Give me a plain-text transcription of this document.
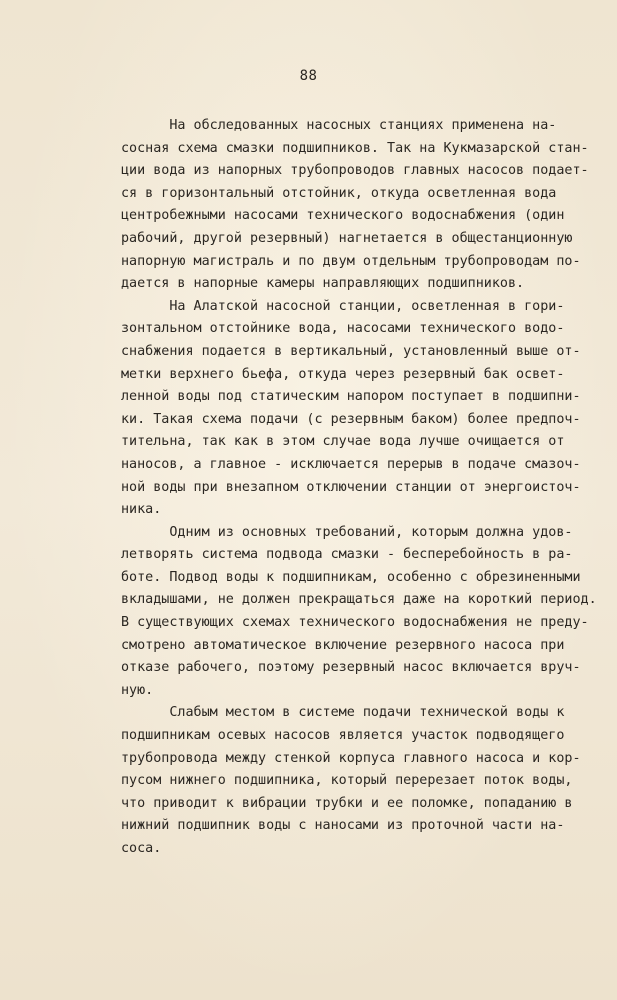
88
На обследованных насосных станциях применена на-
сосная схема смазки подшипников. Так на Кукмазарской стан-
ции вода из напорных трубопроводов главных насосов подает-
ся в горизонтальный отстойник, откуда осветленная вода
центробежными насосами технического водоснабжения (один
рабочий, другой резервный) нагнетается в общестанционную
напорную магистраль и по двум отдельным трубопроводам по-
дается в напорные камеры направляющих подшипников.
На Алатской насосной станции, осветленная в гори-
зонтальном отстойнике вода, насосами технического водо-
снабжения подается в вертикальный, установленный выше от-
метки верхнего бьефа, откуда через резервный бак освет-
ленной воды под статическим напором поступает в подшипни-
ки. Такая схема подачи (с резервным баком) более предпоч-
тительна, так как в этом случае вода лучше очищается от
наносов, а главное - исключается перерыв в подаче смазоч-
ной воды при внезапном отключении станции от энергоисточ-
ника.
Одним из основных требований, которым должна удов-
летворять система подвода смазки - бесперебойность в ра-
боте. Подвод воды к подшипникам, особенно с обрезиненными
вкладышами, не должен прекращаться даже на короткий период.
В существующих схемах технического водоснабжения не преду-
смотрено автоматическое включение резервного насоса при
отказе рабочего, поэтому резервный насос включается вруч-
ную.
Слабым местом в системе подачи технической воды к
подшипникам осевых насосов является участок подводящего
трубопровода между стенкой корпуса главного насоса и кор-
пусом нижнего подшипника, который перерезает поток воды,
что приводит к вибрации трубки и ее поломке, попаданию в
нижний подшипник воды с наносами из проточной части на-
соса.
